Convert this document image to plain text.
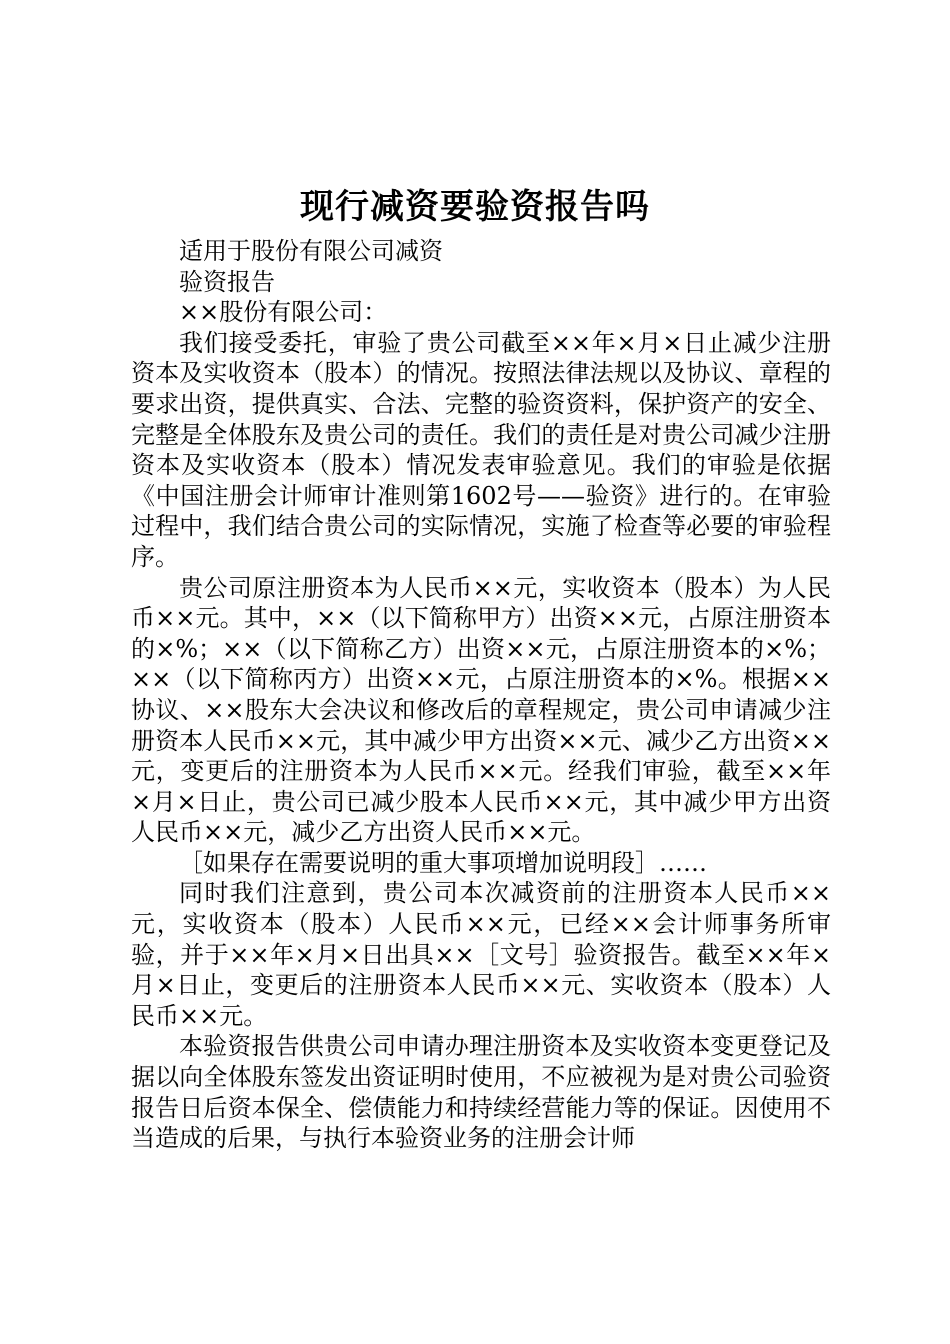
现行减资要验资报告吗

适用于股份有限公司减资

验资报告

××股份有限公司：

我们接受委托，审验了贵公司截至××年×月×日止减少注册资本及实收资本（股本）的情况。按照法律法规以及协议、章程的要求出资，提供真实、合法、完整的验资资料，保护资产的安全、完整是全体股东及贵公司的责任。我们的责任是对贵公司减少注册资本及实收资本（股本）情况发表审验意见。我们的审验是依据《中国注册会计师审计准则第1602号——验资》进行的。在审验过程中，我们结合贵公司的实际情况，实施了检查等必要的审验程序。

贵公司原注册资本为人民币××元，实收资本（股本）为人民币××元。其中，××（以下简称甲方）出资××元，占原注册资本的×%；××（以下简称乙方）出资××元，占原注册资本的×%；××（以下简称丙方）出资××元，占原注册资本的×%。根据××协议、××股东大会决议和修改后的章程规定，贵公司申请减少注册资本人民币××元，其中减少甲方出资××元、减少乙方出资××元，变更后的注册资本为人民币××元。经我们审验，截至××年×月×日止，贵公司已减少股本人民币××元，其中减少甲方出资人民币××元，减少乙方出资人民币××元。

［如果存在需要说明的重大事项增加说明段］……

同时我们注意到，贵公司本次减资前的注册资本人民币××元，实收资本（股本）人民币××元，已经××会计师事务所审验，并于××年×月×日出具××［文号］验资报告。截至××年×月×日止，变更后的注册资本人民币××元、实收资本（股本）人民币××元。

本验资报告供贵公司申请办理注册资本及实收资本变更登记及据以向全体股东签发出资证明时使用，不应被视为是对贵公司验资报告日后资本保全、偿债能力和持续经营能力等的保证。因使用不当造成的后果，与执行本验资业务的注册会计师
